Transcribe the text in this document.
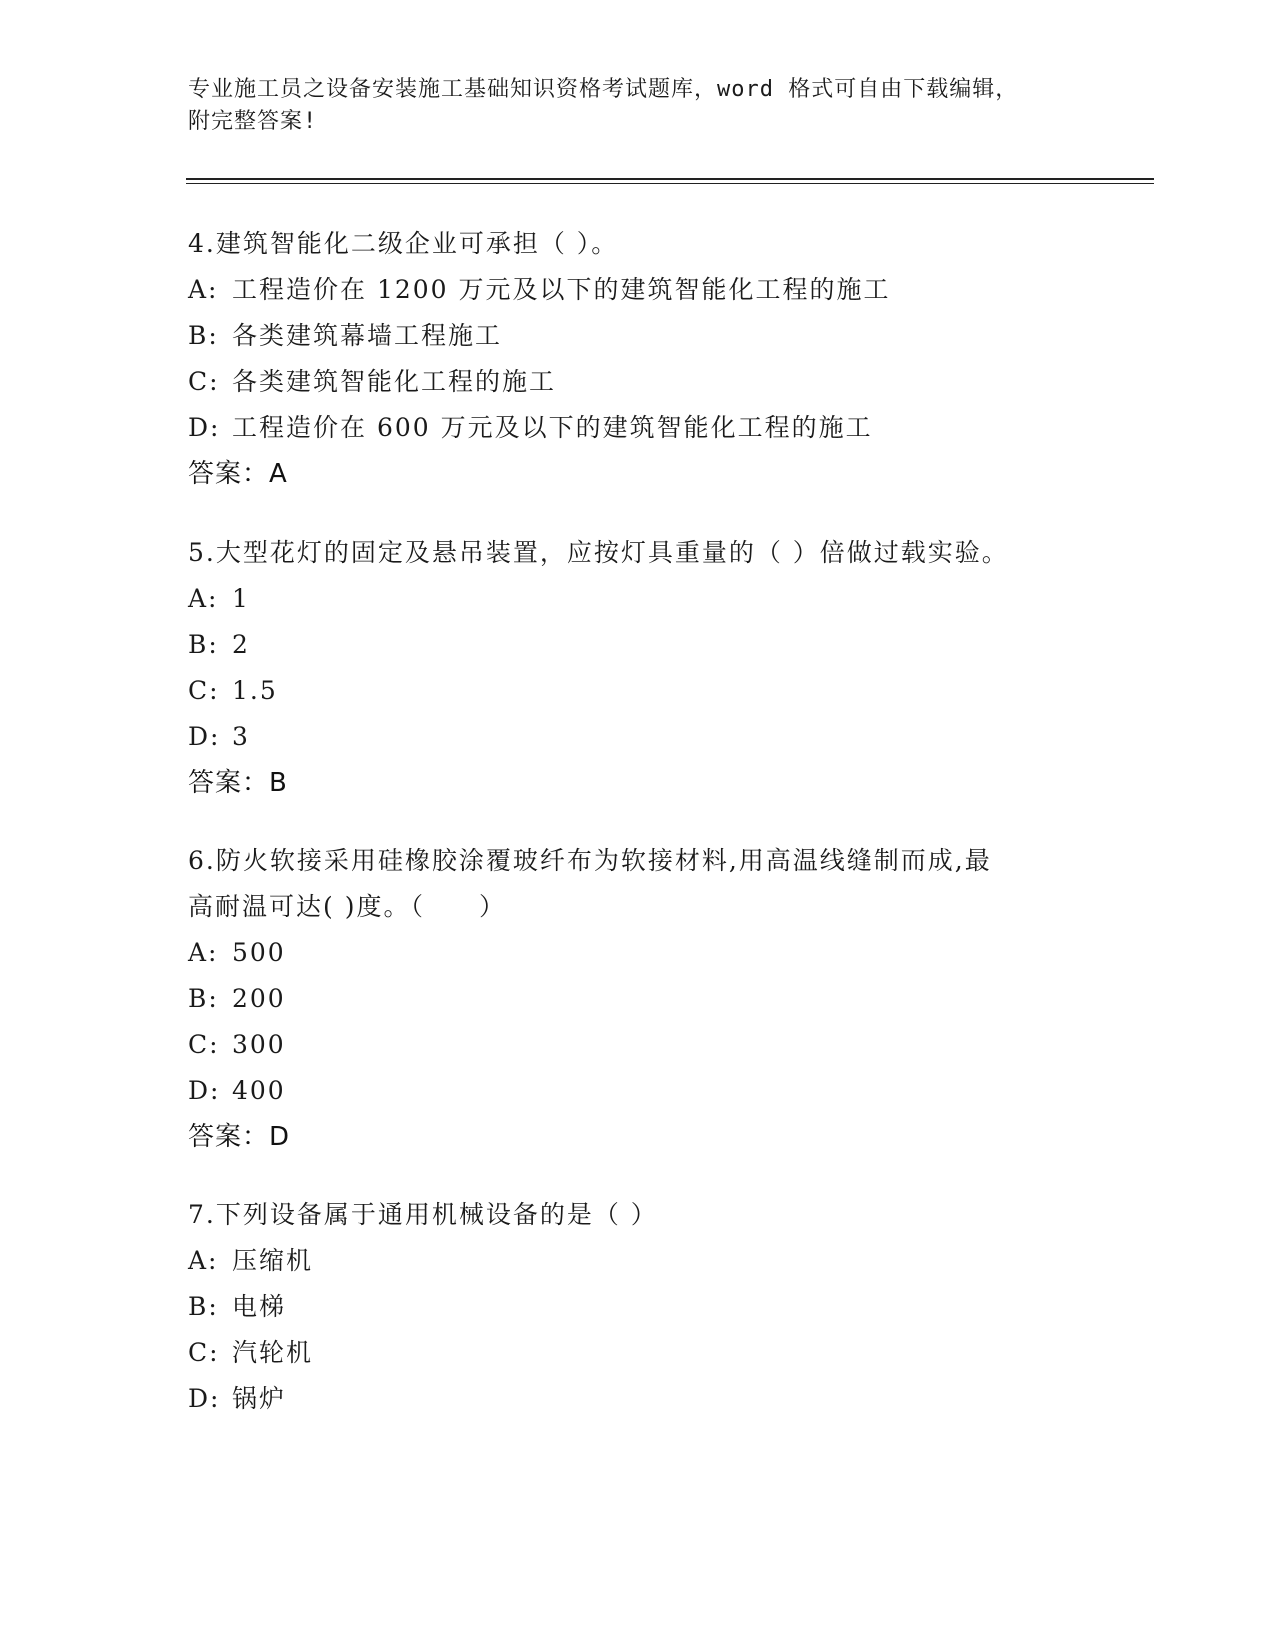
专业施工员之设备安装施工基础知识资格考试题库，word 格式可自由下载编辑，
附完整答案!
4.建筑智能化二级企业可承担（ ）。
A: 工程造价在 1200 万元及以下的建筑智能化工程的施工
B: 各类建筑幕墙工程施工
C: 各类建筑智能化工程的施工
D: 工程造价在 600 万元及以下的建筑智能化工程的施工
答案：A
5.大型花灯的固定及悬吊装置，应按灯具重量的（ ）倍做过载实验。
A: 1
B: 2
C: 1.5
D: 3
答案：B
6.防火软接采用硅橡胶涂覆玻纤布为软接材料,用高温线缝制而成,最
高耐温可达( )度。（　　）
A: 500
B: 200
C: 300
D: 400
答案：D
7.下列设备属于通用机械设备的是（ ）
A: 压缩机
B: 电梯
C: 汽轮机
D: 锅炉
